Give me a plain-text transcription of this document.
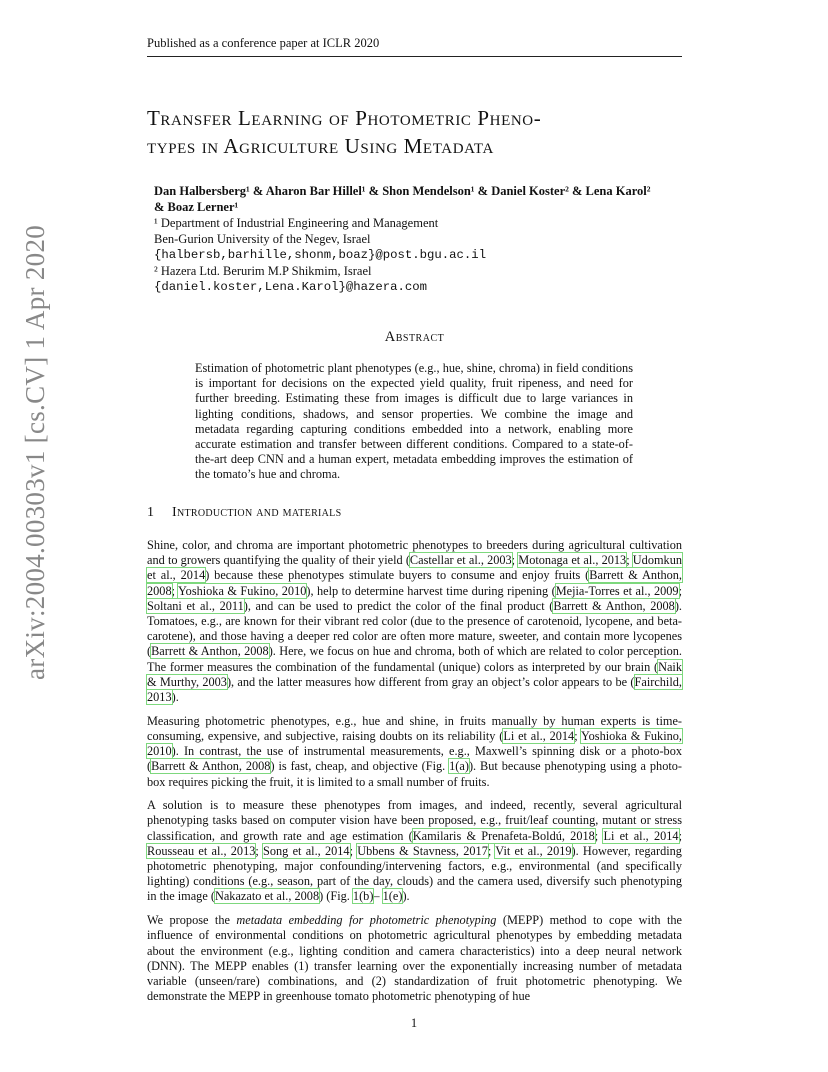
Published as a conference paper at ICLR 2020
arXiv:2004.00303v1 [cs.CV] 1 Apr 2020
Transfer Learning of Photometric Pheno-
types in Agriculture Using Metadata
Dan Halbersberg¹ & Aharon Bar Hillel¹ & Shon Mendelson¹ & Daniel Koster² & Lena Karol²
& Boaz Lerner¹
¹ Department of Industrial Engineering and Management
Ben-Gurion University of the Negev, Israel
{halbersb,barhille,shonm,boaz}@post.bgu.ac.il
² Hazera Ltd. Berurim M.P Shikmim, Israel
{daniel.koster,Lena.Karol}@hazera.com
Abstract
Estimation of photometric plant phenotypes (e.g., hue, shine, chroma) in field conditions is important for decisions on the expected yield quality, fruit ripeness, and need for further breeding. Estimating these from images is difficult due to large variances in lighting conditions, shadows, and sensor properties. We combine the image and metadata regarding capturing conditions embedded into a network, enabling more accurate estimation and transfer between different conditions. Compared to a state-of-the-art deep CNN and a human expert, metadata embedding improves the estimation of the tomato’s hue and chroma.
1 Introduction and materials

Shine, color, and chroma are important photometric phenotypes to breeders during agricultural cultivation and to growers quantifying the quality of their yield (Castellar et al., 2003; Motonaga et al., 2013; Udomkun et al., 2014) because these phenotypes stimulate buyers to consume and enjoy fruits (Barrett & Anthon, 2008; Yoshioka & Fukino, 2010), help to determine harvest time during ripening (Mejia-Torres et al., 2009; Soltani et al., 2011), and can be used to predict the color of the final product (Barrett & Anthon, 2008). Tomatoes, e.g., are known for their vibrant red color (due to the presence of carotenoid, lycopene, and beta-carotene), and those having a deeper red color are often more mature, sweeter, and contain more lycopenes (Barrett & Anthon, 2008). Here, we focus on hue and chroma, both of which are related to color perception. The former measures the combination of the fundamental (unique) colors as interpreted by our brain (Naik & Murthy, 2003), and the latter measures how different from gray an object’s color appears to be (Fairchild, 2013).

Measuring photometric phenotypes, e.g., hue and shine, in fruits manually by human experts is time-consuming, expensive, and subjective, raising doubts on its reliability (Li et al., 2014; Yoshioka & Fukino, 2010). In contrast, the use of instrumental measurements, e.g., Maxwell’s spinning disk or a photo-box (Barrett & Anthon, 2008) is fast, cheap, and objective (Fig. 1(a)). But because phenotyping using a photo-box requires picking the fruit, it is limited to a small number of fruits.

A solution is to measure these phenotypes from images, and indeed, recently, several agricultural phenotyping tasks based on computer vision have been proposed, e.g., fruit/leaf counting, mutant or stress classification, and growth rate and age estimation (Kamilaris & Prenafeta-Boldú, 2018; Li et al., 2014; Rousseau et al., 2013; Song et al., 2014; Ubbens & Stavness, 2017; Vit et al., 2019). However, regarding photometric phenotyping, major confounding/intervening factors, e.g., environmental (and specifically lighting) conditions (e.g., season, part of the day, clouds) and the camera used, diversify such phenotyping in the image (Nakazato et al., 2008) (Fig. 1(b)– 1(e)).

We propose the metadata embedding for photometric phenotyping (MEPP) method to cope with the influence of environmental conditions on photometric agricultural phenotypes by embedding metadata about the environment (e.g., lighting condition and camera characteristics) into a deep neural network (DNN). The MEPP enables (1) transfer learning over the exponentially increasing number of metadata variable (unseen/rare) combinations, and (2) standardization of fruit photometric phenotyping. We demonstrate the MEPP in greenhouse tomato photometric phenotyping of hue

1
